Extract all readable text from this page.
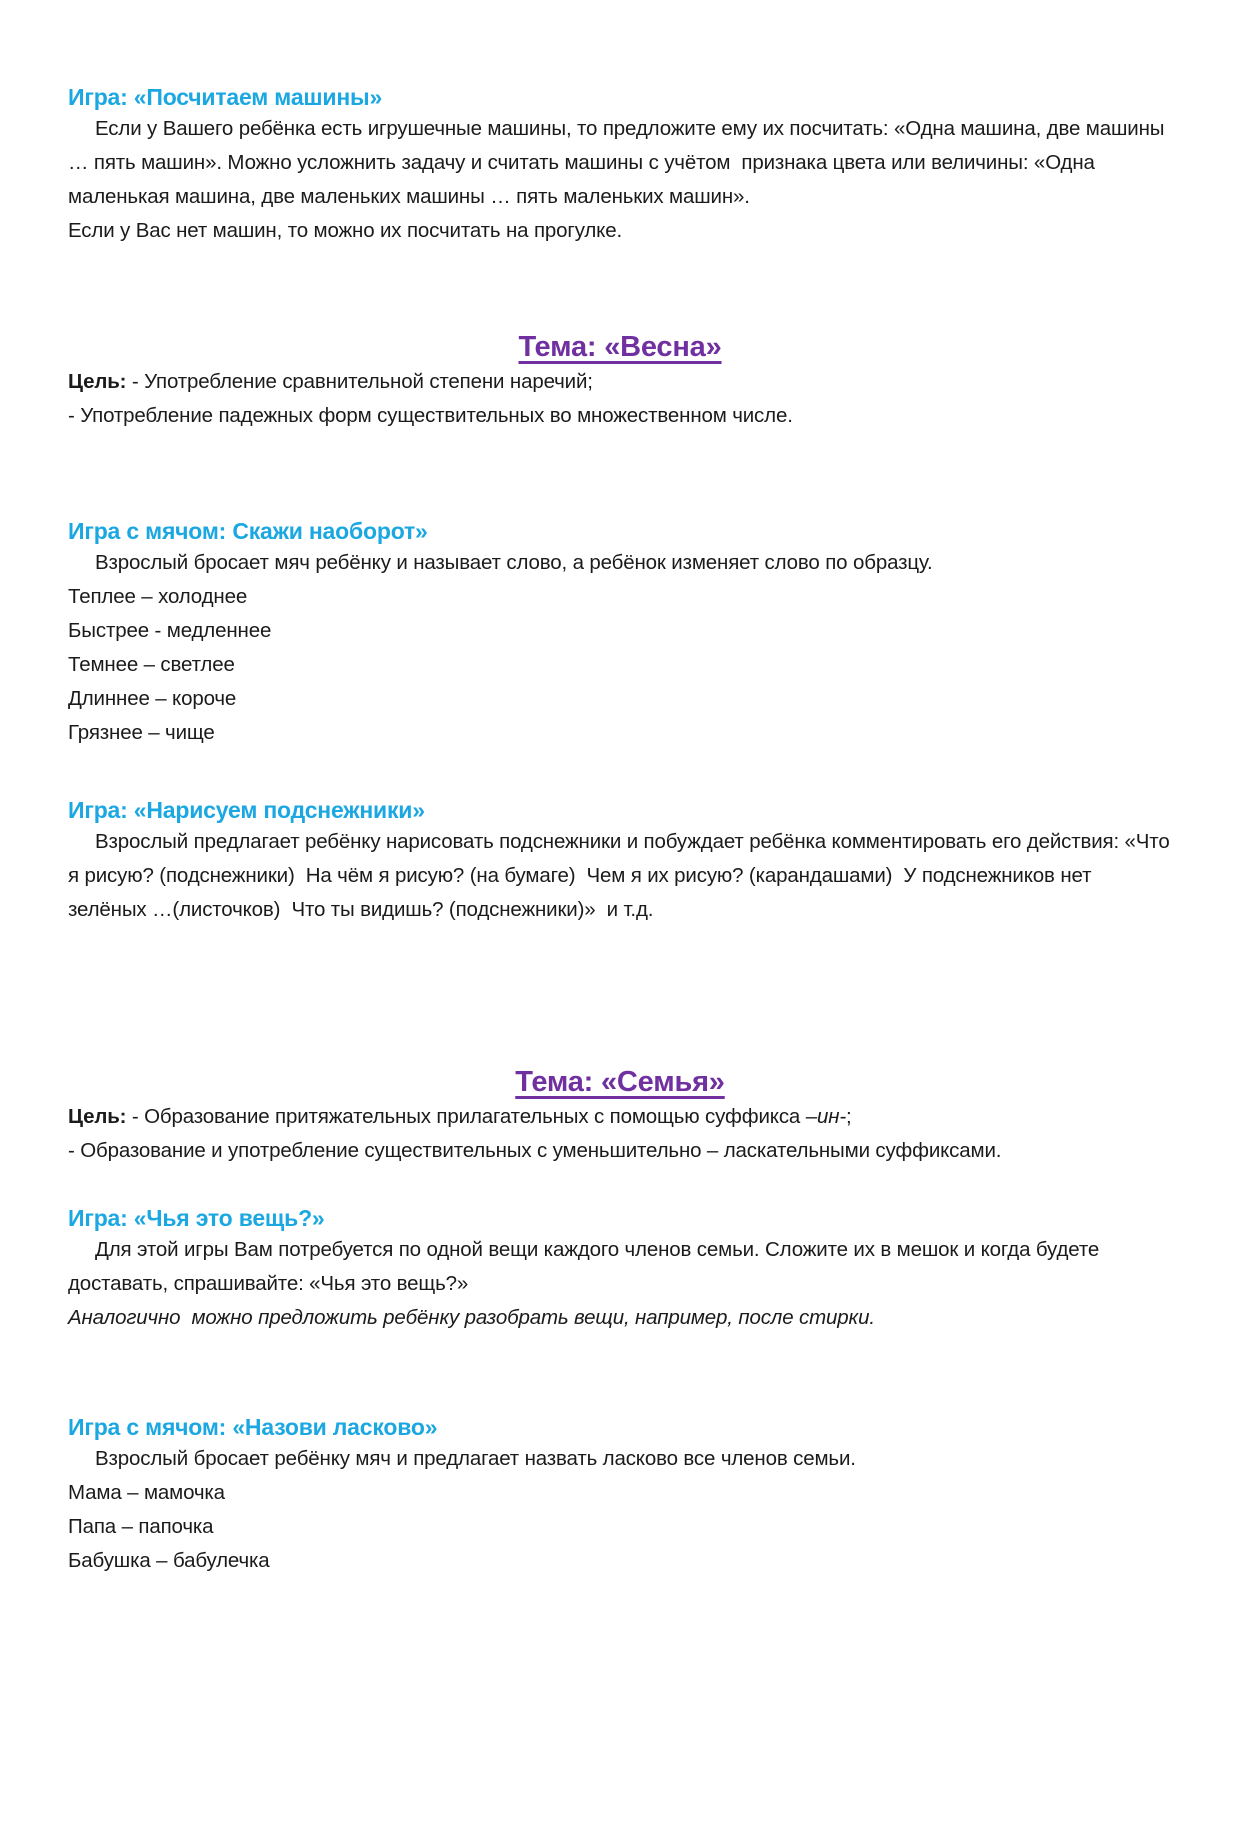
Игра: «Посчитаем машины»

Если у Вашего ребёнка есть игрушечные машины, то предложите ему их посчитать: «Одна машина, две машины … пять машин». Можно усложнить задачу и считать машины с учётом  признака цвета или величины: «Одна маленькая машина, две маленьких машины … пять маленьких машин».

Если у Вас нет машин, то можно их посчитать на прогулке.

Тема: «Весна»

Цель: - Употребление сравнительной степени наречий;

- Употребление падежных форм существительных во множественном числе.

Игра с мячом: Скажи наоборот»

Взрослый бросает мяч ребёнку и называет слово, а ребёнок изменяет слово по образцу.

Теплее – холоднее

Быстрее - медленнее

Темнее – светлее

Длиннее – короче

Грязнее – чище

Игра: «Нарисуем подснежники»

Взрослый предлагает ребёнку нарисовать подснежники и побуждает ребёнка комментировать его действия: «Что я рисую? (подснежники)  На чём я рисую? (на бумаге)  Чем я их рисую? (карандашами)  У подснежников нет зелёных …(листочков)  Что ты видишь? (подснежники)»  и т.д.

Тема: «Семья»

Цель: - Образование притяжательных прилагательных с помощью суффикса –ин-;

- Образование и употребление существительных с уменьшительно – ласкательными суффиксами.

Игра: «Чья это вещь?»

Для этой игры Вам потребуется по одной вещи каждого членов семьи. Сложите их в мешок и когда будете доставать, спрашивайте: «Чья это вещь?»

Аналогично  можно предложить ребёнку разобрать вещи, например, после стирки.

Игра с мячом: «Назови ласково»

Взрослый бросает ребёнку мяч и предлагает назвать ласково все членов семьи.

Мама – мамочка

Папа – папочка

Бабушка – бабулечка
